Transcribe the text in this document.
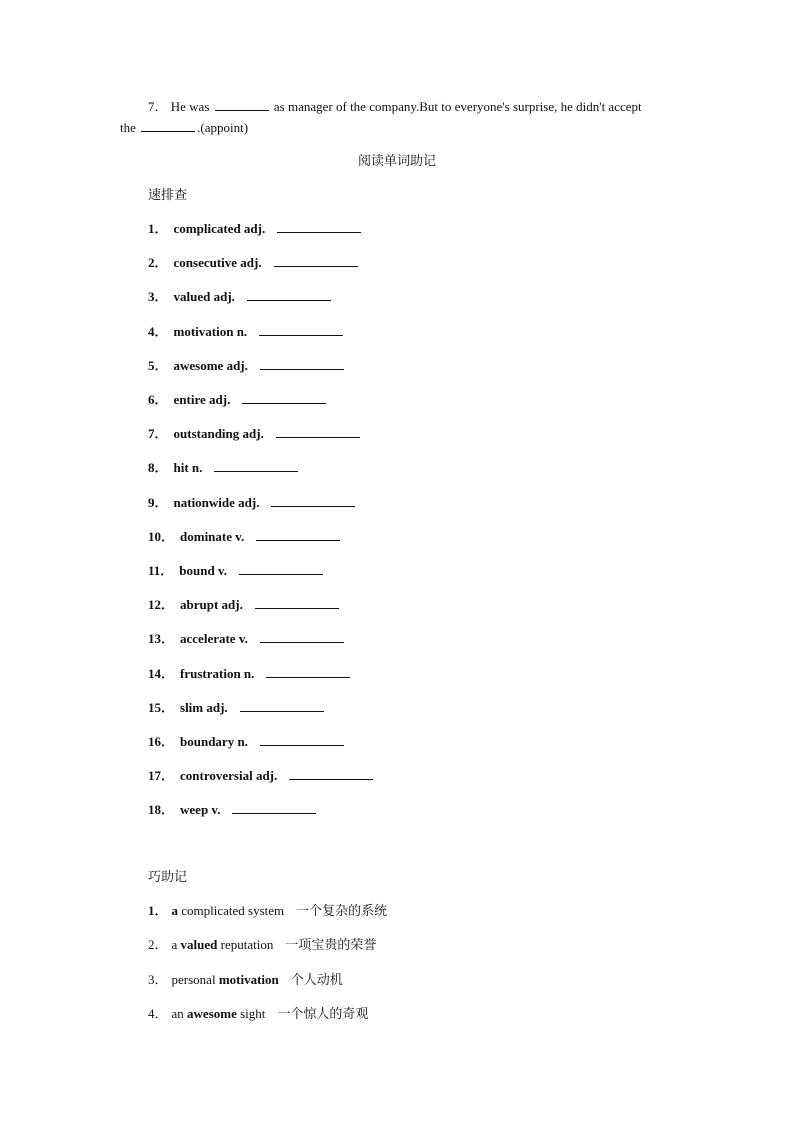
7． He was	as manager of the company.But to everyone's surprise, he didn't accept
the	.(appoint)
阅读单词助记
速排查
1． complicated adj.
2． consecutive adj.
3． valued adj.
4． motivation n.
5． awesome adj.
6． entire adj.
7． outstanding adj.
8． hit n.
9． nationwide adj.
10． dominate v.
11． bound v.
12． abrupt adj.
13． accelerate v.
14． frustration n.
15． slim adj.
16． boundary n.
17． controversial adj.
18． weep v.
巧助记
1． a complicated system 一个复杂的系统
2． a valued reputation 一项宝贵的荣誉
3． personal motivation 个人动机
4． an awesome sight 一个惊人的奇观
